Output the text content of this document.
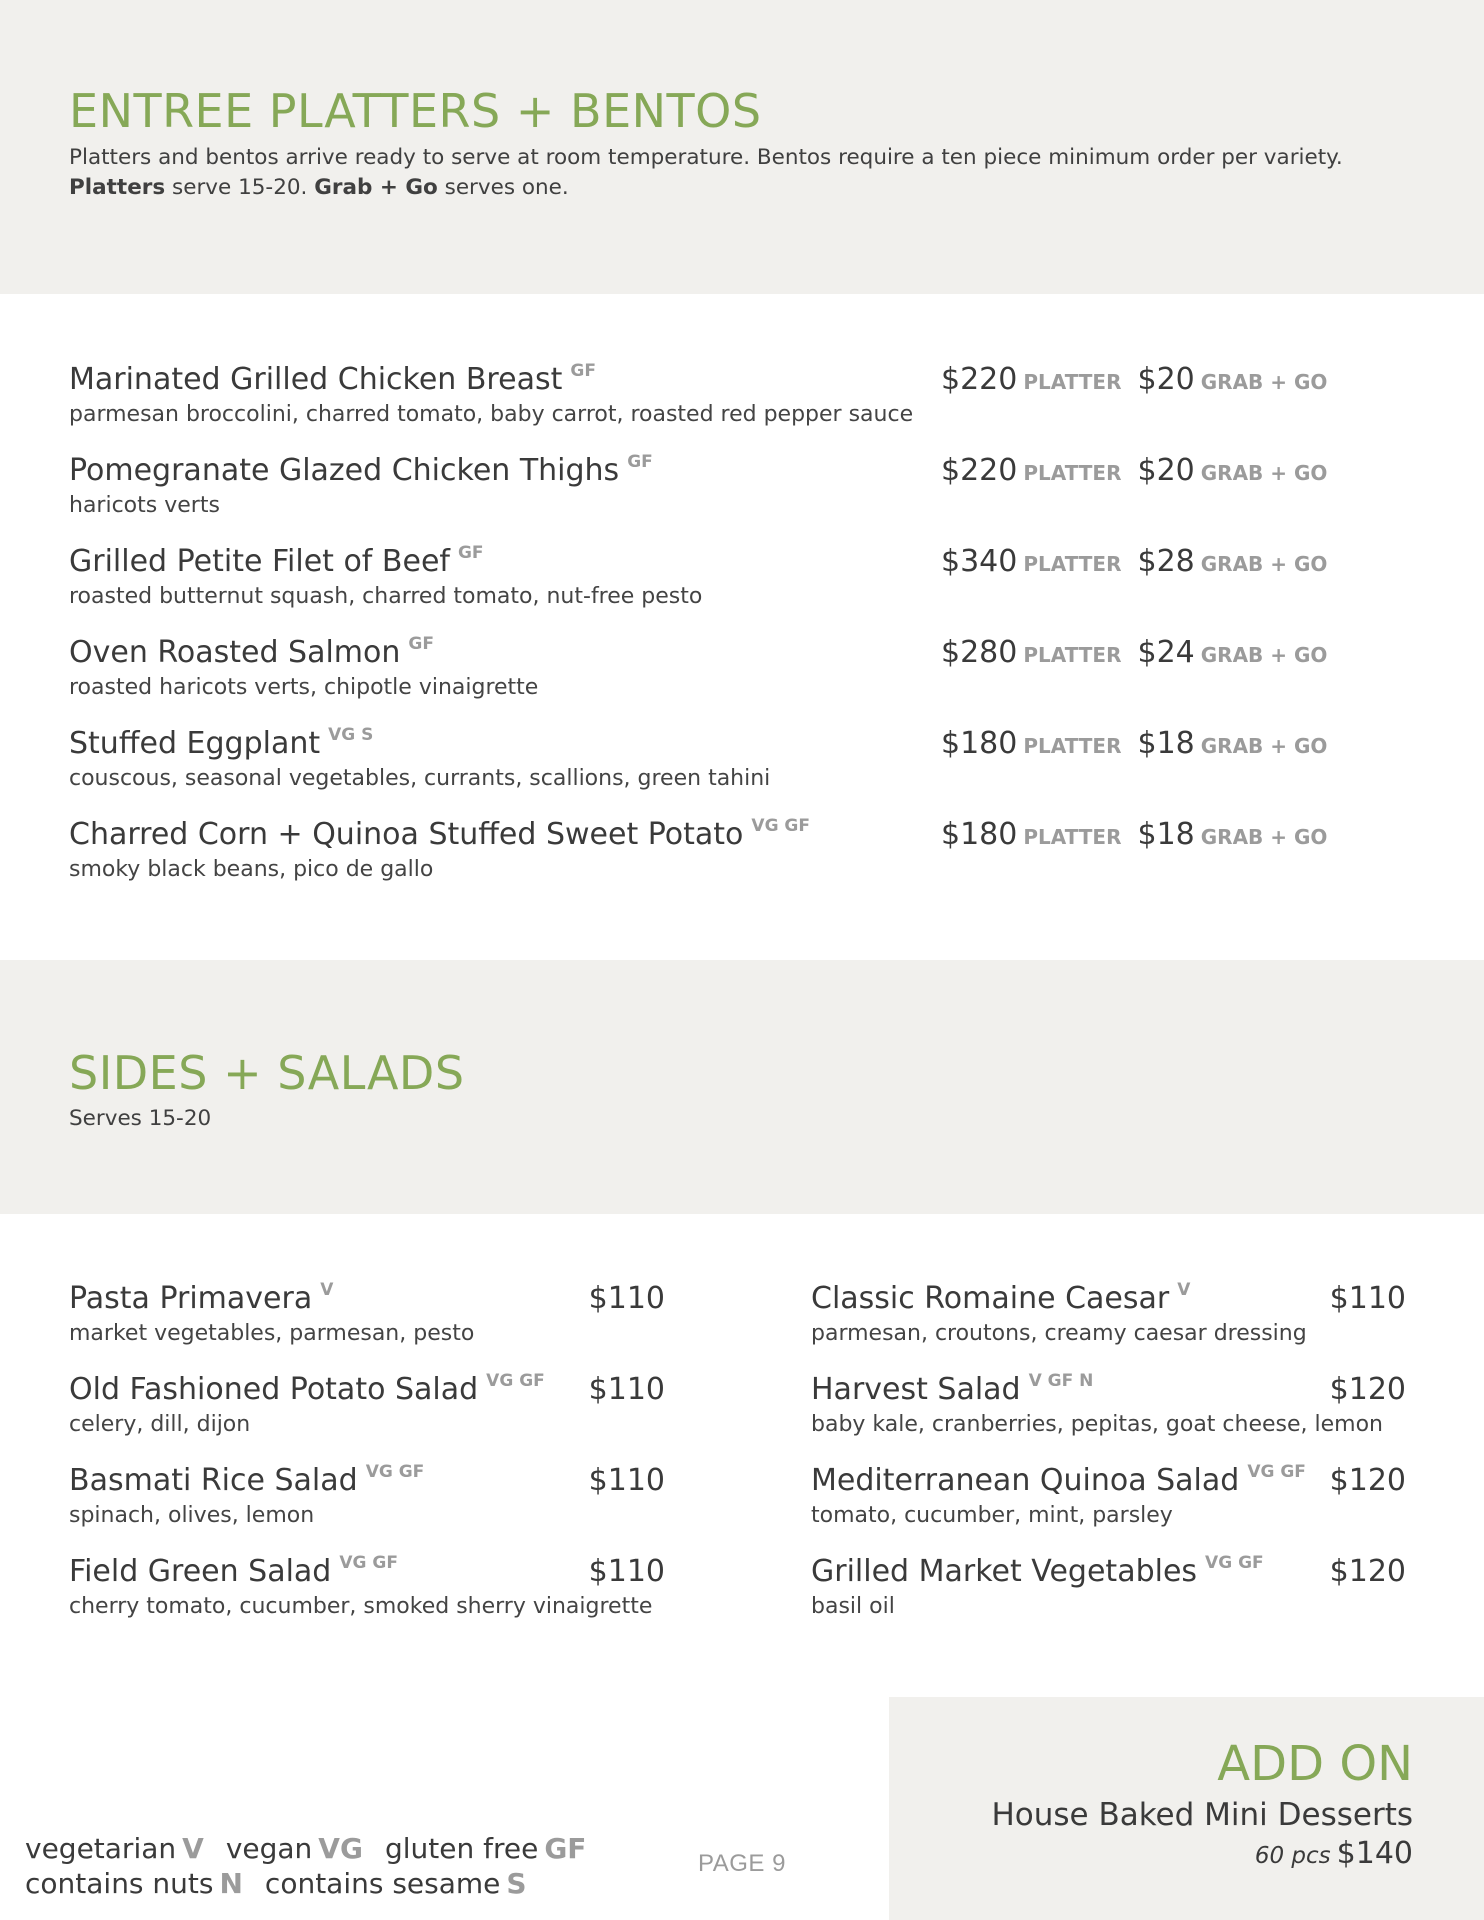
ENTREE PLATTERS + BENTOS
Platters and bentos arrive ready to serve at room temperature. Bentos require a ten piece minimum order per variety.
Platters serve 15-20. Grab + Go serves one.
Marinated Grilled Chicken Breast $^{GF}$
parmesan broccolini, charred tomato, baby carrot, roasted red pepper sauce
$220 PLATTER $20 GRAB + GO
Pomegranate Glazed Chicken Thighs $^{GF}$
haricots verts
$220 PLATTER $20 GRAB + GO
Grilled Petite Filet of Beef $^{GF}$
roasted butternut squash, charred tomato, nut-free pesto
$340 PLATTER $28 GRAB + GO
Oven Roasted Salmon $^{GF}$
roasted haricots verts, chipotle vinaigrette
$280 PLATTER $24 GRAB + GO
Stuffed Eggplant $^{VG S}$
couscous, seasonal vegetables, currants, scallions, green tahini
$180 PLATTER $18 GRAB + GO
Charred Corn + Quinoa Stuffed Sweet Potato $^{VG GF}$
smoky black beans, pico de gallo
$180 PLATTER $18 GRAB + GO
SIDES + SALADS
Serves 15-20
Pasta Primavera $^V$
market vegetables, parmesan, pesto
$110
Old Fashioned Potato Salad $^{VG GF}$
celery, dill, dijon
$110
Basmati Rice Salad $^{VG GF}$
spinach, olives, lemon
$110
Field Green Salad $^{VG GF}$
cherry tomato, cucumber, smoked sherry vinaigrette
$110
Classic Romaine Caesar $^V$
parmesan, croutons, creamy caesar dressing
$110
Harvest Salad $^{V GF N}$
baby kale, cranberries, pepitas, goat cheese, lemon
$120
Mediterranean Quinoa Salad $^{VG GF}$
tomato, cucumber, mint, parsley
$120
Grilled Market Vegetables $^{VG GF}$
basil oil
$120
vegetarian V vegan VG gluten free GF
contains nuts N contains sesame S
PAGE 9
ADD ON
House Baked Mini Desserts
60 pcs $140
